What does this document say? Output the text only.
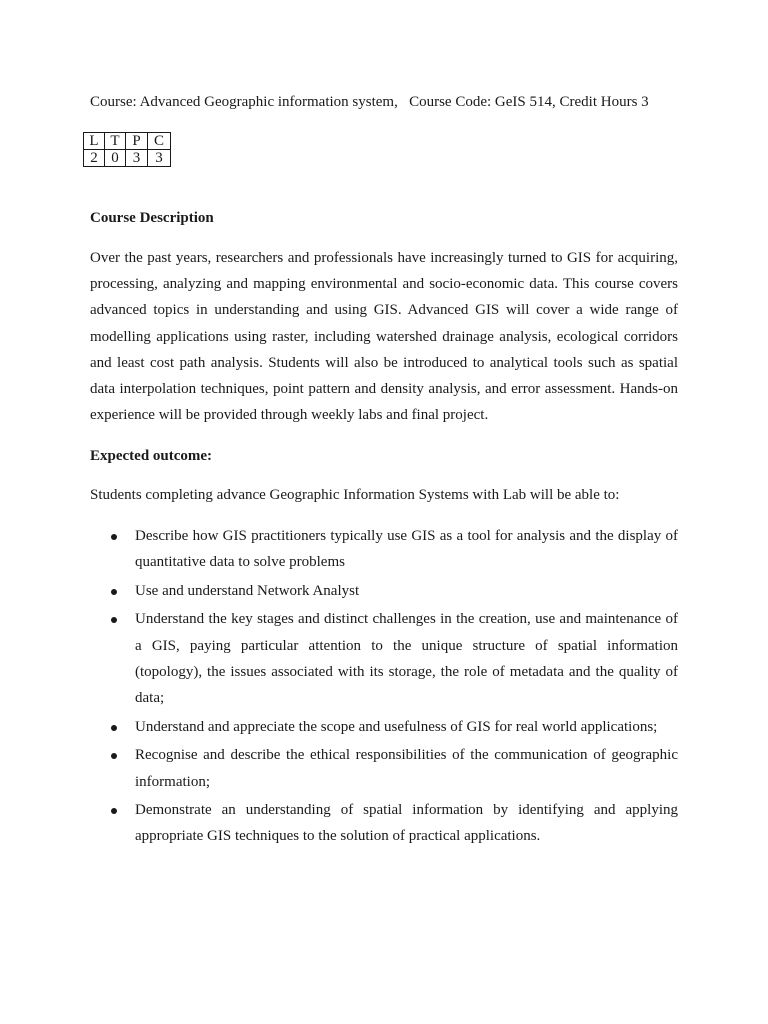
Course: Advanced Geographic information system,   Course Code: GeIS 514, Credit Hours 3
L	T	P	C
2	0	3	3
Course Description

Over the past years, researchers and professionals have increasingly turned to GIS for acquiring, processing, analyzing and mapping environmental and socio-economic data. This course covers advanced topics in understanding and using GIS. Advanced GIS will cover a wide range of modelling applications using raster, including watershed drainage analysis, ecological corridors and least cost path analysis. Students will also be introduced to analytical tools such as spatial data interpolation techniques, point pattern and density analysis, and error assessment. Hands-on experience will be provided through weekly labs and final project.

Expected outcome:

Students completing advance Geographic Information Systems with Lab will be able to:

Describe how GIS practitioners typically use GIS as a tool for analysis and the display of quantitative data to solve problems
Use and understand Network Analyst
Understand the key stages and distinct challenges in the creation, use and maintenance of a GIS, paying particular attention to the unique structure of spatial information (topology), the issues associated with its storage, the role of metadata and the quality of data;
Understand and appreciate the scope and usefulness of GIS for real world applications;
Recognise and describe the ethical responsibilities of the communication of geographic information;
Demonstrate an understanding of spatial information by identifying and applying appropriate GIS techniques to the solution of practical applications.
